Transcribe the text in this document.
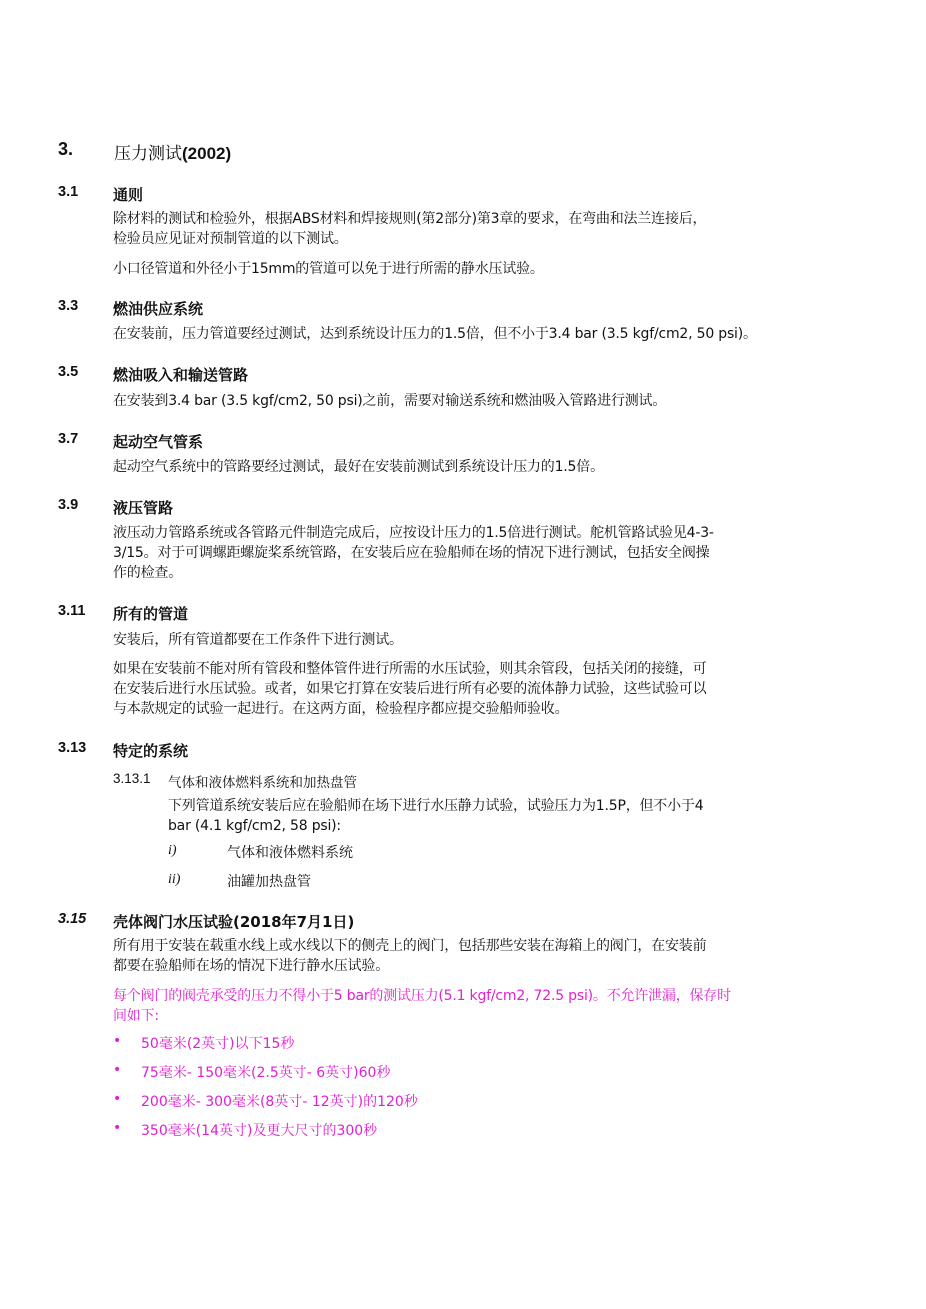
3. 压力测试(2002)
3.1 通则

除材料的测试和检验外，根据ABS材料和焊接规则(第2部分)第3章的要求，在弯曲和法兰连接后，
检验员应见证对预制管道的以下测试。

小口径管道和外径小于15mm的管道可以免于进行所需的静水压试验。

3.3 燃油供应系统

在安装前，压力管道要经过测试，达到系统设计压力的1.5倍，但不小于3.4 bar (3.5 kgf/cm2, 50 psi)。

3.5 燃油吸入和输送管路

在安装到3.4 bar (3.5 kgf/cm2, 50 psi)之前，需要对输送系统和燃油吸入管路进行测试。

3.7 起动空气管系

起动空气系统中的管路要经过测试，最好在安装前测试到系统设计压力的1.5倍。

3.9 液压管路

液压动力管路系统或各管路元件制造完成后，应按设计压力的1.5倍进行测试。舵机管路试验见4-3-
3/15。对于可调螺距螺旋桨系统管路，在安装后应在验船师在场的情况下进行测试，包括安全阀操
作的检查。

3.11 所有的管道

安装后，所有管道都要在工作条件下进行测试。

如果在安装前不能对所有管段和整体管件进行所需的水压试验，则其余管段，包括关闭的接缝，可
在安装后进行水压试验。或者，如果它打算在安装后进行所有必要的流体静力试验，这些试验可以
与本款规定的试验一起进行。在这两方面，检验程序都应提交验船师验收。

3.13 特定的系统
3.13.1 气体和液体燃料系统和加热盘管

下列管道系统安装后应在验船师在场下进行水压静力试验，试验压力为1.5P，但不小于4
bar (4.1 kgf/cm2, 58 psi):

i)	气体和液体燃料系统
ii)	油罐加热盘管
3.15 壳体阀门水压试验(2018年7月1日)

所有用于安装在载重水线上或水线以下的侧壳上的阀门，包括那些安装在海箱上的阀门，在安装前
都要在验船师在场的情况下进行静水压试验。

每个阀门的阀壳承受的压力不得小于5 bar的测试压力(5.1 kgf/cm2, 72.5 psi)。不允许泄漏，保存时
间如下:

• 50毫米(2英寸)以下15秒
• 75毫米- 150毫米(2.5英寸- 6英寸)60秒
• 200毫米- 300毫米(8英寸- 12英寸)的120秒
• 350毫米(14英寸)及更大尺寸的300秒
